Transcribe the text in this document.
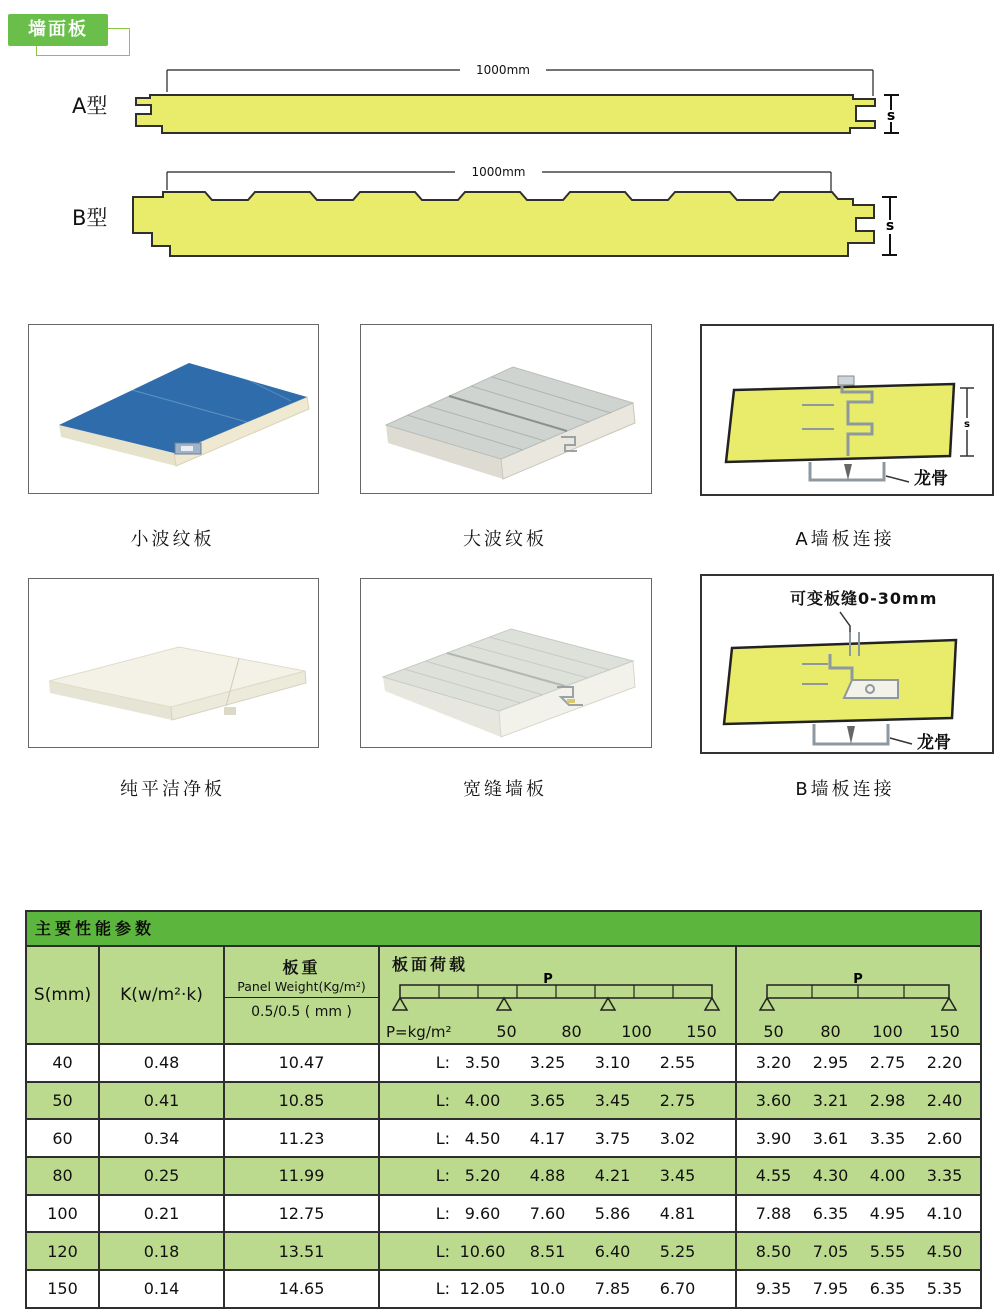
墙面板
s
s
A型
1000mm
B型
1000mm
s
龙骨
小波纹板	大波纹板	A墙板连接
可变板缝0-30mm
龙骨
纯平洁净板	宽缝墙板	B墙板连接
主要性能参数
S(mm)	K(w/m²·k)
板重
Panel Weight(Kg/m²)
0.5/0.5 ( mm )
板面荷载
P
P=kg/m²	50	80	100	150
P
50	80	100	150
40	0.48	10.47	L: 3.50	3.25	3.10	2.55	3.20	2.95	2.75	2.20
50	0.41	10.85	L: 4.00	3.65	3.45	2.75	3.60	3.21	2.98	2.40
60	0.34	11.23	L: 4.50	4.17	3.75	3.02	3.90	3.61	3.35	2.60
80	0.25	11.99	L: 5.20	4.88	4.21	3.45	4.55	4.30	4.00	3.35
100	0.21	12.75	L: 9.60	7.60	5.86	4.81	7.88	6.35	4.95	4.10
120	0.18	13.51	L: 10.60	8.51	6.40	5.25	8.50	7.05	5.55	4.50
150	0.14	14.65	L: 12.05	10.0	7.85	6.70	9.35	7.95	6.35	5.35
